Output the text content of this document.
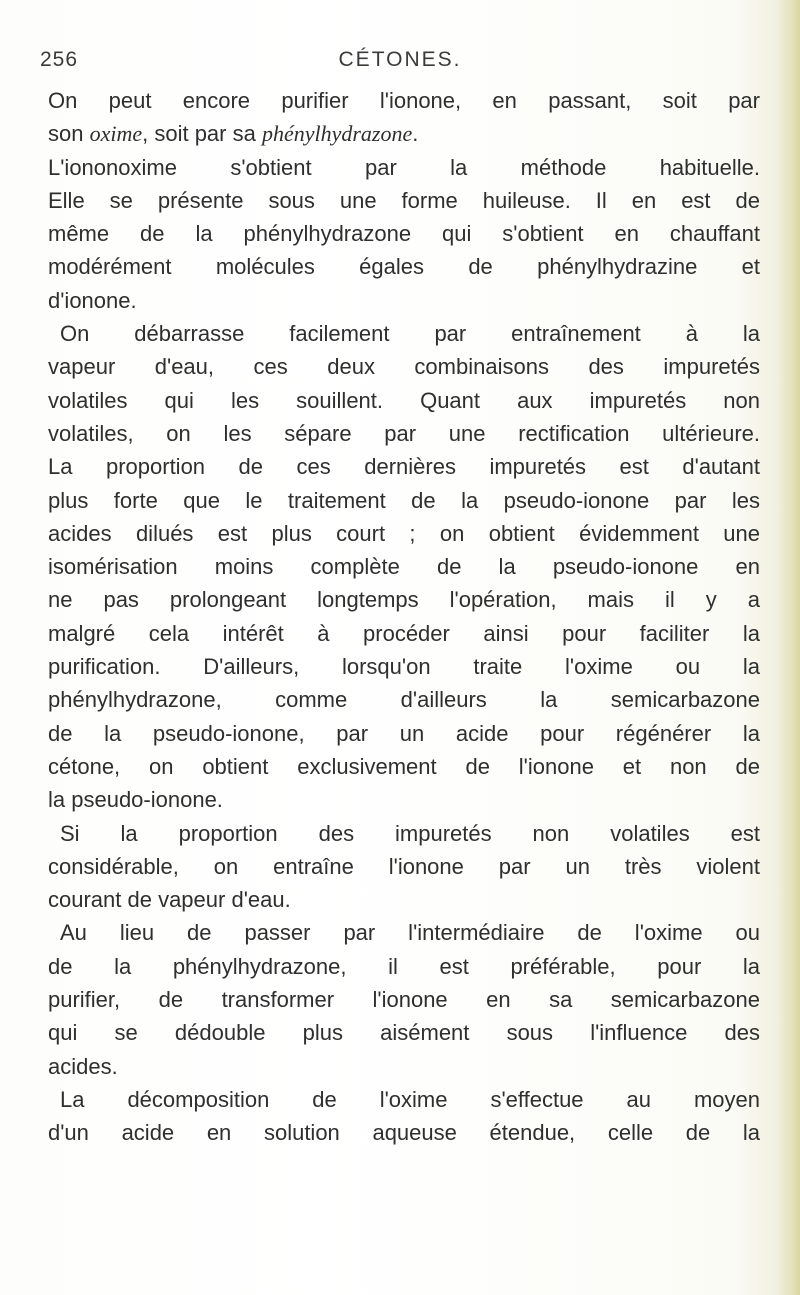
256	CÉTONES.
On peut encore purifier l'ionone, en passant, soit par
son oxime, soit par sa phénylhydrazone.
L'iononoxime s'obtient par la méthode habituelle.
Elle se présente sous une forme huileuse. Il en est de
même de la phénylhydrazone qui s'obtient en chauffant
modérément molécules égales de phénylhydrazine et
d'ionone.
On débarrasse facilement par entraînement à la
vapeur d'eau, ces deux combinaisons des impuretés
volatiles qui les souillent. Quant aux impuretés non
volatiles, on les sépare par une rectification ultérieure.
La proportion de ces dernières impuretés est d'autant
plus forte que le traitement de la pseudo-ionone par les
acides dilués est plus court ; on obtient évidemment une
isomérisation moins complète de la pseudo-ionone en
ne pas prolongeant longtemps l'opération, mais il y a
malgré cela intérêt à procéder ainsi pour faciliter la
purification. D'ailleurs, lorsqu'on traite l'oxime ou la
phénylhydrazone, comme d'ailleurs la semicarbazone
de la pseudo-ionone, par un acide pour régénérer la
cétone, on obtient exclusivement de l'ionone et non de
la pseudo-ionone.
Si la proportion des impuretés non volatiles est
considérable, on entraîne l'ionone par un très violent
courant de vapeur d'eau.
Au lieu de passer par l'intermédiaire de l'oxime ou
de la phénylhydrazone, il est préférable, pour la
purifier, de transformer l'ionone en sa semicarbazone
qui se dédouble plus aisément sous l'influence des
acides.
La décomposition de l'oxime s'effectue au moyen
d'un acide en solution aqueuse étendue, celle de la
